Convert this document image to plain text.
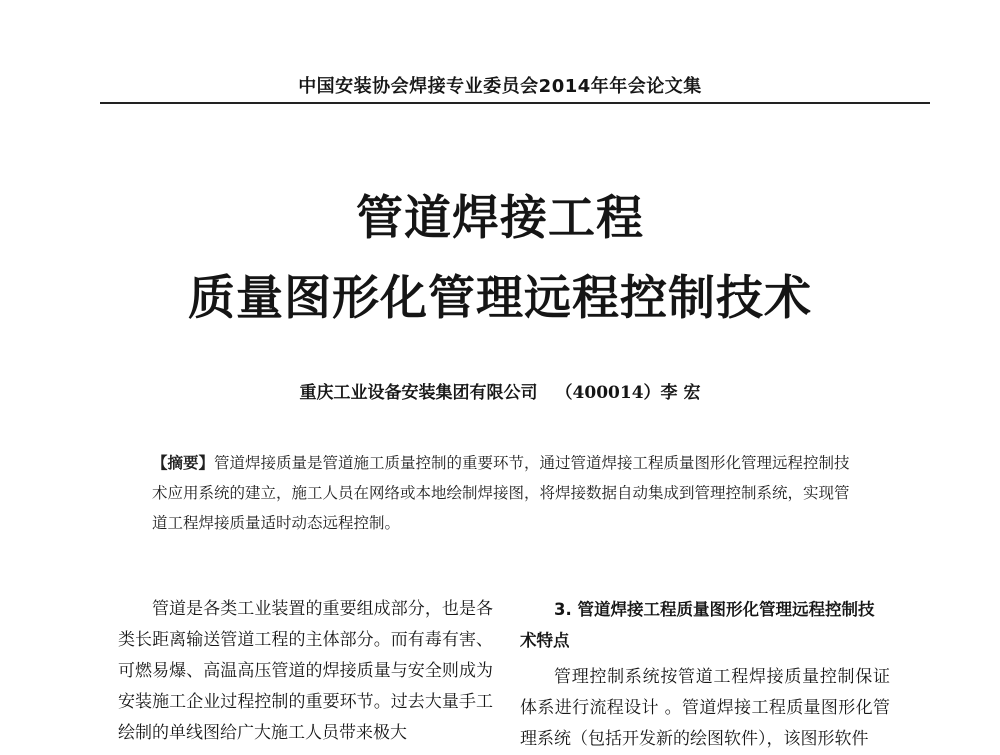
中国安装协会焊接专业委员会2014年年会论文集
管道焊接工程
质量图形化管理远程控制技术
重庆工业设备安装集团有限公司 （400014）李 宏
【摘要】管道焊接质量是管道施工质量控制的重要环节，通过管道焊接工程质量图形化管理远程控制技术应用系统的建立，施工人员在网络或本地绘制焊接图，将焊接数据自动集成到管理控制系统，实现管道工程焊接质量适时动态远程控制。

管道是各类工业装置的重要组成部分，也是各类长距离输送管道工程的主体部分。而有毒有害、可燃易爆、高温高压管道的焊接质量与安全则成为安装施工企业过程控制的重要环节。过去大量手工绘制的单线图给广大施工人员带来极大

3. 管道焊接工程质量图形化管理远程控制技术特点

管理控制系统按管道工程焊接质量控制保证体系进行流程设计 。管道焊接工程质量图形化管理系统（包括开发新的绘图软件），该图形软件
